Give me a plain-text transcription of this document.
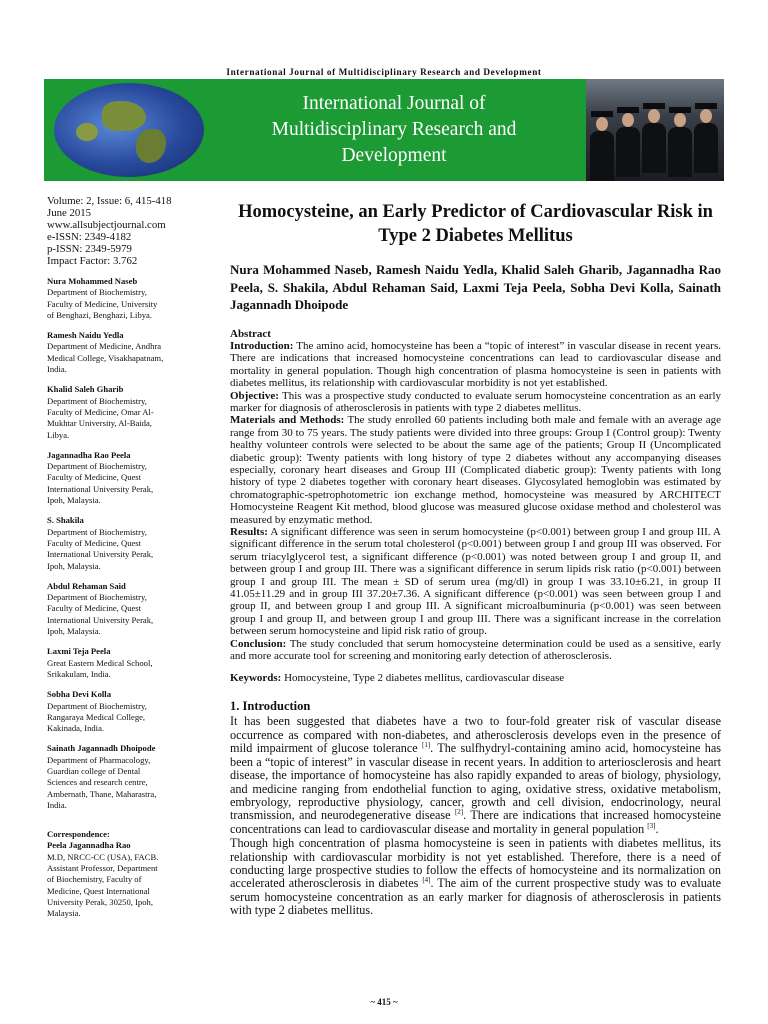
International Journal of Multidisciplinary Research and Development
International Journal of
Multidisciplinary Research and
Development
Volume: 2, Issue: 6, 415-418
June 2015
www.allsubjectjournal.com
e-ISSN: 2349-4182
p-ISSN: 2349-5979
Impact Factor: 3.762
Nura Mohammed Naseb
Department of Biochemistry,
Faculty of Medicine, University
of Benghazi, Benghazi, Libya.
Ramesh Naidu Yedla
Department of Medicine, Andhra
Medical College, Visakhapatnam,
India.
Khalid Saleh Gharib
Department of Biochemistry,
Faculty of Medicine, Omar Al-
Mukhtar University, Al-Baida,
Libya.
Jagannadha Rao Peela
Department of Biochemistry,
Faculty of Medicine, Quest
International University Perak,
Ipoh, Malaysia.
S. Shakila
Department of Biochemistry,
Faculty of Medicine, Quest
International University Perak,
Ipoh, Malaysia.
Abdul Rehaman Said
Department of Biochemistry,
Faculty of Medicine, Quest
International University Perak,
Ipoh, Malaysia.
Laxmi Teja Peela
Great Eastern Medical School,
Srikakulam, India.
Sobha Devi Kolla
Department of Biochemistry,
Rangaraya Medical College,
Kakinada, India.
Sainath Jagannadh Dhoipode
Department of Pharmacology,
Guardian college of Dental
Sciences and research centre,
Ambernath, Thane, Maharastra,
India.
Correspondence:
Peela Jagannadha Rao
M.D, NRCC-CC (USA), FACB.
Assistant Professor, Department
of Biochemistry, Faculty of
Medicine, Quest International
University Perak, 30250, Ipoh,
Malaysia.
Homocysteine, an Early Predictor of Cardiovascular Risk in Type 2 Diabetes Mellitus
Nura Mohammed Naseb, Ramesh Naidu Yedla, Khalid Saleh Gharib, Jagannadha Rao Peela, S. Shakila, Abdul Rehaman Said, Laxmi Teja Peela, Sobha Devi Kolla, Sainath Jagannadh Dhoipode
Abstract
Introduction: The amino acid, homocysteine has been a “topic of interest” in vascular disease in recent years. There are indications that increased homocysteine concentrations can lead to cardiovascular disease and mortality in general population. Though high concentration of plasma homocysteine is seen in patients with diabetes mellitus, its relationship with cardiovascular morbidity is not yet established.
Objective: This was a prospective study conducted to evaluate serum homocysteine concentration as an early marker for diagnosis of atherosclerosis in patients with type 2 diabetes mellitus.
Materials and Methods: The study enrolled 60 patients including both male and female with an average age range from 30 to 75 years. The study patients were divided into three groups: Group I (Control group): Twenty healthy volunteer controls were selected to be about the same age of the patients; Group II (Uncomplicated diabetic group): Twenty patients with long history of type 2 diabetes without any accompanying diseases especially, coronary heart diseases and Group III (Complicated diabetic group): Twenty patients with long history of type 2 diabetes together with coronary heart diseases. Glycosylated hemoglobin was estimated by chromatographic-spetrophotometric ion exchange method, homocysteine was measured by ARCHITECT Homocysteine Reagent Kit method, blood glucose was measured glucose oxidase method and cholesterol was measured by enzymatic method.
Results: A significant difference was seen in serum homocysteine (p<0.001) between group I and group III. A significant difference in the serum total cholesterol (p<0.001) between group I and group III was observed. For serum triacylglycerol test, a significant difference (p<0.001) was noted between group I and group II, and between group I and group III. There was a significant difference in serum lipids risk ratio (p<0.001) between group I and group III. The mean ± SD of serum urea (mg/dl) in group I was 33.10±6.21, in group II 41.05±11.29 and in group III 37.20±7.36. A significant difference (p<0.001) was seen between group I and group II, and between group I and group III. A significant microalbuminuria (p<0.001) was seen between group I and group II, and between group I and group III. There was a significant increase in the correlation between serum homocysteine and lipid risk ratio of group.
Conclusion: The study concluded that serum homocysteine determination could be used as a sensitive, early and more accurate tool for screening and monitoring early detection of atherosclerosis.
Keywords: Homocysteine, Type 2 diabetes mellitus, cardiovascular disease
1. Introduction
It has been suggested that diabetes have a two to four-fold greater risk of vascular disease occurrence as compared with non-diabetes, and atherosclerosis develops even in the presence of mild impairment of glucose tolerance [1]. The sulfhydryl-containing amino acid, homocysteine has been a “topic of interest” in vascular disease in recent years. In addition to arteriosclerosis and heart disease, the importance of homocysteine has also rapidly expanded to areas of biology, physiology, and medicine ranging from endothelial function to aging, oxidative stress, oxidative metabolism, embryology, reproductive physiology, cancer, growth and cell division, endocrinology, neural transmission, and neurodegenerative disease [2]. There are indications that increased homocysteine concentrations can lead to cardiovascular disease and mortality in general population [3].
Though high concentration of plasma homocysteine is seen in patients with diabetes mellitus, its relationship with cardiovascular morbidity is not yet established. Therefore, there is a need of conducting large prospective studies to follow the effects of homocysteine and its normalization on accelerated atherosclerosis in diabetes [4]. The aim of the current prospective study was to evaluate serum homocysteine concentration as an early marker for diagnosis of atherosclerosis in patients with type 2 diabetes mellitus.
~ 415 ~
